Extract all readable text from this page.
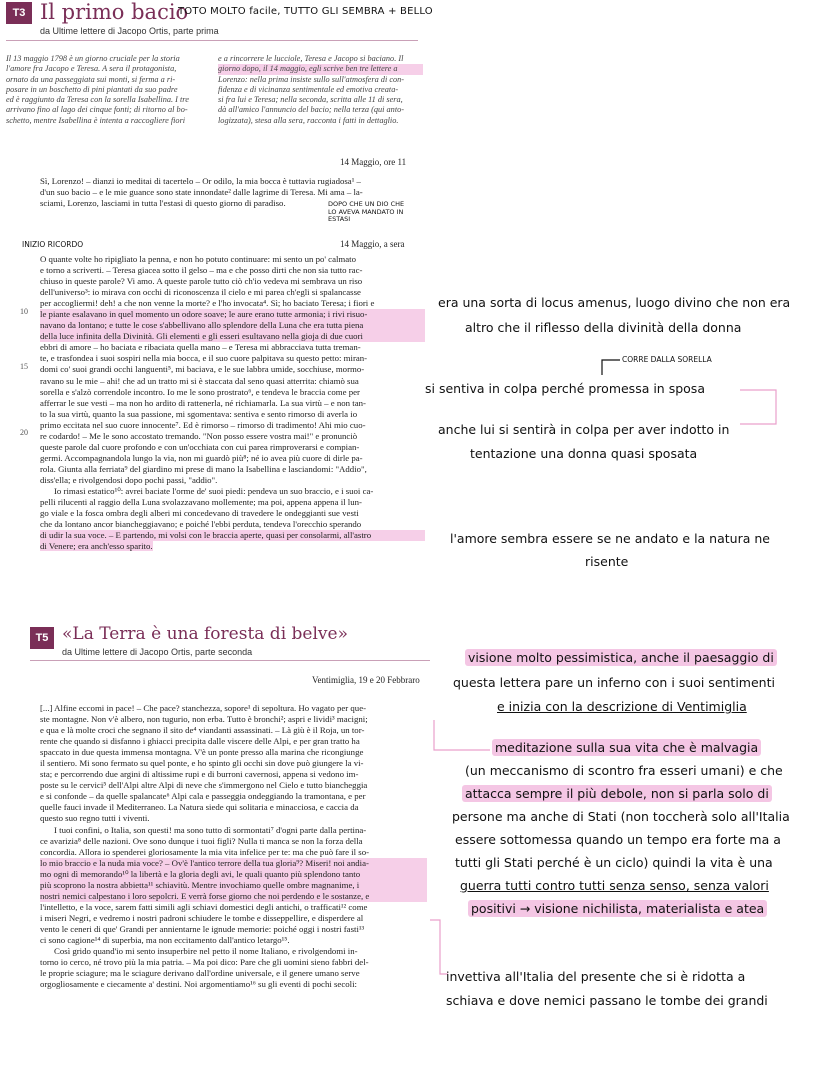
T3 Il primo bacio
TOTO MOLTO facile, TUTTO GLI SEMBRA + BELLO
da Ultime lettere di Jacopo Ortis, parte prima
Il 13 maggio 1798 è un giorno cruciale per la storia
l'amore fra Jacopo e Teresa. A sera il protagonista,
ornato da una passeggiata sui monti, si ferma a ri-
posare in un boschetto di pini piantati da suo padre
ed è raggiunto da Teresa con la sorella Isabellina. I tre
arrivano fino al lago dei cinque fonti; di ritorno al bo-
schetto, mentre Isabellina è intenta a raccogliere fiori
e a rincorrere le lucciole, Teresa e Jacopo si baciano. Il
giorno dopo, il 14 maggio, egli scrive ben tre lettere a
Lorenzo: nella prima insiste sullo sull'atmosfera di con-
fidenza e di vicinanza sentimentale ed emotiva creata-
si fra lui e Teresa; nella seconda, scritta alle 11 di sera,
dà all'amico l'annuncio del bacio; nella terza (qui anto-
logizzata), stesa alla sera, racconta i fatti in dettaglio.
14 Maggio, ore 11
Sì, Lorenzo! – dianzi io meditai di tacertelo – Or odilo, la mia bocca è tuttavia rugiadosa¹ –
d'un suo bacio – e le mie guance sono state innondate² dalle lagrime di Teresa. Mi ama – la-
sciami, Lorenzo, lasciami in tutta l'estasi di questo giorno di paradiso.	DOPO CHE UN DIO CHE LO AVEVA MANDATO IN ESTASI
INIZIO RICORDO	14 Maggio, a sera
10
15
20
O quante volte ho ripigliato la penna, e non ho potuto continuare: mi sento un po' calmato
e torno a scriverti. – Teresa giacea sotto il gelso – ma e che posso dirti che non sia tutto rac-
chiuso in queste parole? Vi amo. A queste parole tutto ciò ch'io vedeva mi sembrava un riso
dell'universo³: io mirava con occhi di riconoscenza il cielo e mi parea ch'egli si spalancasse
per accogliermi! deh! a che non venne la morte? e l'ho invocata⁴. Sì; ho baciato Teresa; i fiori e
le piante esalavano in quel momento un odore soave; le aure erano tutte armonia; i rivi risuo-
navano da lontano; e tutte le cose s'abbellivano allo splendore della Luna che era tutta piena
della luce infinita della Divinità. Gli elementi e gli esseri esultavano nella gioja di due cuori
ebbri di amore – ho baciata e ribaciata quella mano – e Teresa mi abbracciava tutta treman-
te, e trasfondea i suoi sospiri nella mia bocca, e il suo cuore palpitava su questo petto: miran-
domi co' suoi grandi occhi languenti⁵, mi baciava, e le sue labbra umide, socchiuse, mormo-
ravano su le mie – ahi! che ad un tratto mi si è staccata dal seno quasi atterrita: chiamò sua
sorella e s'alzò correndole incontro. Io me le sono prostrato⁶, e tendeva le braccia come per
afferrar le sue vesti – ma non ho ardito di rattenerla, né richiamarla. La sua virtù – e non tan-
to la sua virtù, quanto la sua passione, mi sgomentava: sentiva e sento rimorso di averla io
primo eccitata nel suo cuore innocente⁷. Ed è rimorso – rimorso di tradimento! Ahi mio cuo-
re codardo! – Me le sono accostato tremando. "Non posso essere vostra mai!" e pronunciò
queste parole dal cuore profondo e con un'occhiata con cui parea rimproverarsi e compian-
germi. Accompagnandola lungo la via, non mi guardò più⁸; né io avea più cuore di dirle pa-
rola. Giunta alla ferriata⁹ del giardino mi prese di mano la Isabellina e lasciandomi: "Addio",
diss'ella; e rivolgendosi dopo pochi passi, "addio".
Io rimasi estatico¹⁰: avrei baciate l'orme de' suoi piedi: pendeva un suo braccio, e i suoi ca-
pelli rilucenti al raggio della Luna svolazzavano mollemente; ma poi, appena appena il lun-
go viale e la fosca ombra degli alberi mi concedevano di travedere le ondeggianti sue vesti
che da lontano ancor biancheggiavano; e poiché l'ebbi perduta, tendeva l'orecchio sperando
di udir la sua voce. – E partendo, mi volsi con le braccia aperte, quasi per consolarmi, all'astro
di Venere; era anch'esso sparito.
era una sorta di locus amenus, luogo divino che non era
altro che il riflesso della divinità della donna
CORRE DALLA SORELLA
si sentiva in colpa perché promessa in sposa
anche lui si sentirà in colpa per aver indotto in
tentazione una donna quasi sposata
l'amore sembra essere se ne andato e la natura ne
risente
T5 «La Terra è una foresta di belve»
da Ultime lettere di Jacopo Ortis, parte seconda
Ventimiglia, 19 e 20 Febbraro
[...] Alfine eccomi in pace! – Che pace? stanchezza, sopore¹ di sepoltura. Ho vagato per que-
ste montagne. Non v'è albero, non tugurio, non erba. Tutto è bronchi²; aspri e lividi³ macigni;
e qua e là molte croci che segnano il sito de⁴ viandanti assassinati. – Là giù è il Roja, un tor-
rente che quando si disfanno i ghiacci precipita dalle viscere delle Alpi, e per gran tratto ha
spaccato in due questa immensa montagna. V'è un ponte presso alla marina che ricongiunge
il sentiero. Mi sono fermato su quel ponte, e ho spinto gli occhi sin dove può giungere la vi-
sta; e percorrendo due argini di altissime rupi e di burroni cavernosi, appena si vedono im-
poste su le cervici⁵ dell'Alpi altre Alpi di neve che s'immergono nel Cielo e tutto biancheggia
e si confonde – da quelle spalancate⁶ Alpi cala e passeggia ondeggiando la tramontana, e per
quelle fauci invade il Mediterraneo. La Natura siede qui solitaria e minacciosa, e caccia da
questo suo regno tutti i viventi.
I tuoi confini, o Italia, son questi! ma sono tutto dì sormontati⁷ d'ogni parte dalla pertina-
ce avarizia⁸ delle nazioni. Ove sono dunque i tuoi figli? Nulla ti manca se non la forza della
concordia. Allora io spenderei gloriosamente la mia vita infelice per te: ma che può fare il so-
lo mio braccio e la nuda mia voce? – Ov'è l'antico terrore della tua gloria⁹? Miseri! noi andia-
mo ogni dì memorando¹⁰ la libertà e la gloria degli avi, le quali quanto più splendono tanto
più scoprono la nostra abbietta¹¹ schiavitù. Mentre invochiamo quelle ombre magnanime, i
nostri nemici calpestano i loro sepolcri. E verrà forse giorno che noi perdendo e le sostanze, e
l'intelletto, e la voce, sarem fatti simili agli schiavi domestici degli antichi, o trafficati¹² come
i miseri Negri, e vedremo i nostri padroni schiudere le tombe e disseppellire, e disperdere al
vento le ceneri di que' Grandi per annientarne le ignude memorie: poiché oggi i nostri fasti¹³
ci sono cagione¹⁴ di superbia, ma non eccitamento dall'antico letargo¹⁵.
Così grido quand'io mi sento insuperbire nel petto il nome Italiano, e rivolgendomi in-
torno io cerco, né trovo più la mia patria. – Ma poi dico: Pare che gli uomini sieno fabbri del-
le proprie sciagure; ma le sciagure derivano dall'ordine universale, e il genere umano serve
orgogliosamente e ciecamente a' destini. Noi argomentiamo¹⁶ su gli eventi di pochi secoli:
visione molto pessimistica, anche il paesaggio di
questa lettera pare un inferno con i suoi sentimenti
e inizia con la descrizione di Ventimiglia
meditazione sulla sua vita che è malvagia
(un meccanismo di scontro fra esseri umani) e che
attacca sempre il più debole, non si parla solo di
persone ma anche di Stati (non toccherà solo all'Italia
essere sottomessa quando un tempo era forte ma a
tutti gli Stati perché è un ciclo) quindi la vita è una
guerra tutti contro tutti senza senso, senza valori
positivi → visione nichilista, materialista e atea
invettiva all'Italia del presente che si è ridotta a
schiava e dove nemici passano le tombe dei grandi
